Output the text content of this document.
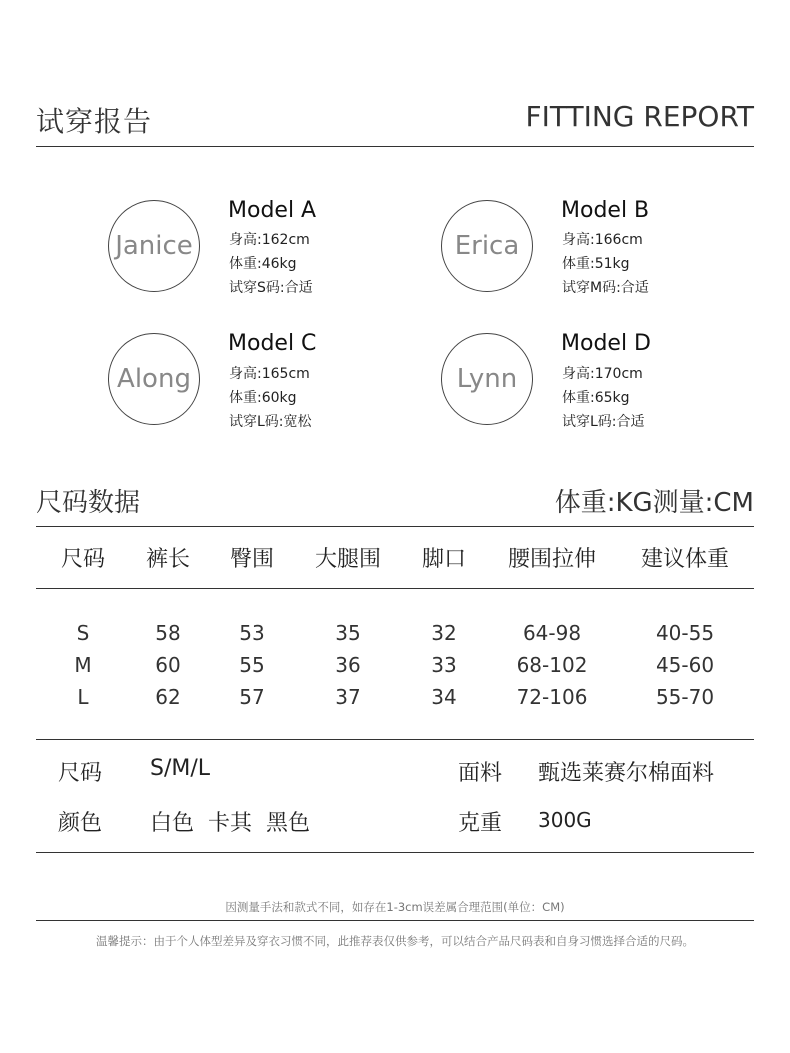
试穿报告	FITTING REPORT
Janice
Model A
身高:162cm
体重:46kg
试穿S码:合适
Erica
Model B
身高:166cm
体重:51kg
试穿M码:合适
Along
Model C
身高:165cm
体重:60kg
试穿L码:宽松
Lynn
Model D
身高:170cm
体重:65kg
试穿L码:合适
尺码数据	体重:KG测量:CM
尺码	裤长	臀围	大腿围	脚口	腰围拉伸	建议体重
S	58	53	35	32	64-98	40-55
M	60	55	36	33	68-102	45-60
L	62	57	37	34	72-106	55-70
尺码 S/M/L	面料 甄选莱赛尔棉面料
颜色 白色  卡其  黑色	克重 300G
因测量手法和款式不同，如存在1-3cm误差属合理范围(单位：CM)
温馨提示：由于个人体型差异及穿衣习惯不同，此推荐表仅供参考，可以结合产品尺码表和自身习惯选择合适的尺码。
